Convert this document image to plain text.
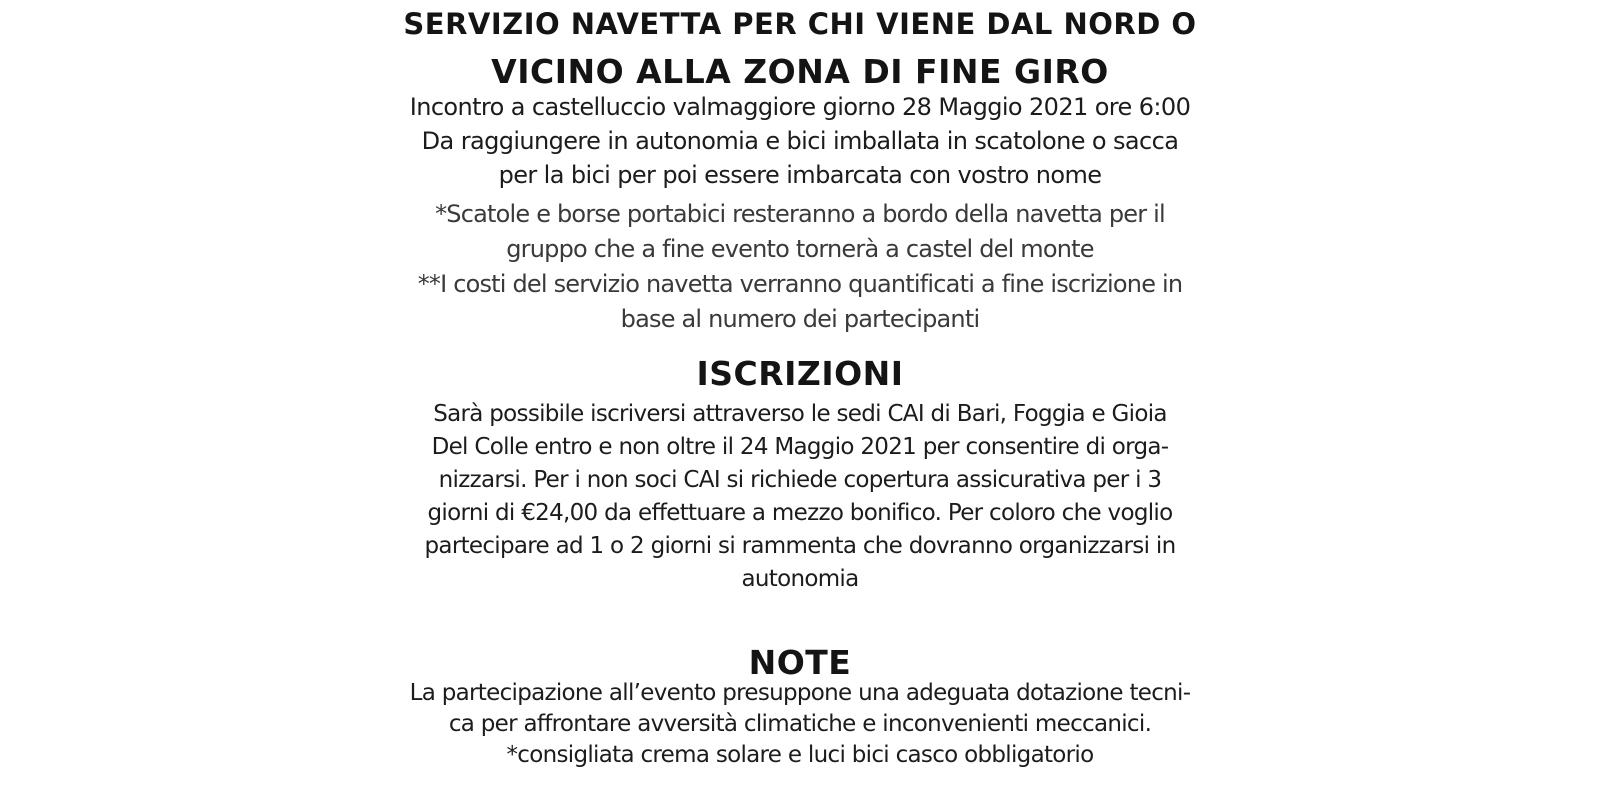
SERVIZIO NAVETTA PER CHI VIENE DAL NORD O
VICINO ALLA ZONA DI FINE GIRO
Incontro a castelluccio valmaggiore giorno 28 Maggio 2021 ore 6:00
Da raggiungere in autonomia e bici imballata in scatolone o sacca
per la bici per poi essere imbarcata con vostro nome
*Scatole e borse portabici resteranno a bordo della navetta per il
gruppo che a fine evento tornerà a castel del monte
**I costi del servizio navetta verranno quantificati a fine iscrizione in
base al numero dei partecipanti
ISCRIZIONI
Sarà possibile iscriversi attraverso le sedi CAI di Bari, Foggia e Gioia
Del Colle entro e non oltre il 24 Maggio 2021 per consentire di orga-
nizzarsi. Per i non soci CAI si richiede copertura assicurativa per i 3
giorni di €24,00 da effettuare a mezzo bonifico. Per coloro che voglio
partecipare ad 1 o 2 giorni si rammenta che dovranno organizzarsi in
autonomia
NOTE
La partecipazione all’evento presuppone una adeguata dotazione tecni-
ca per affrontare avversità climatiche e inconvenienti meccanici.
*consigliata crema solare e luci bici casco obbligatorio
